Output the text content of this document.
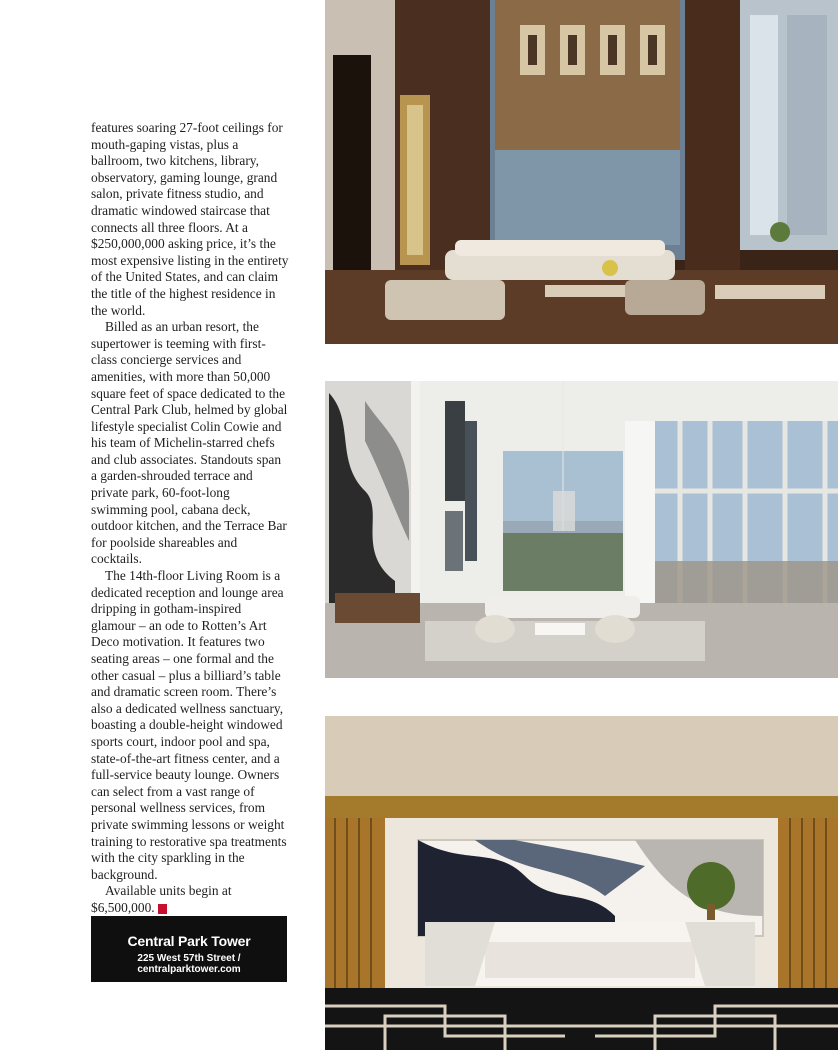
features soaring 27-foot ceilings for mouth-gaping vistas, plus a ballroom, two kitchens, library, observatory, gaming lounge, grand salon, private fitness studio, and dramatic windowed staircase that connects all three floors. At a $250,000,000 asking price, it’s the most expensive listing in the entirety of the United States, and can claim the title of the highest residence in the world.

Billed as an urban resort, the supertower is teeming with first-class concierge services and amenities, with more than 50,000 square feet of space dedicated to the Central Park Club, helmed by global lifestyle specialist Colin Cowie and his team of Michelin-starred chefs and club associates. Standouts span a garden-shrouded terrace and private park, 60-foot-long swimming pool, cabana deck, outdoor kitchen, and the Terrace Bar for poolside shareables and cocktails.

The 14th-floor Living Room is a dedicated reception and lounge area dripping in gotham-inspired glamour – an ode to Rotten’s Art Deco motivation. It features two seating areas – one formal and the other casual – plus a billiard’s table and dramatic screen room. There’s also a dedicated wellness sanctuary, boasting a double-height windowed sports court, indoor pool and spa, state-of-the-art fitness center, and a full-service beauty lounge. Owners can select from a vast range of personal wellness services, from private swimming lessons or weight training to restorative spa treatments with the city sparkling in the background.

Available units begin at $6,500,000. I

Central Park Tower
225 West 57th Street / centralparktower.com
